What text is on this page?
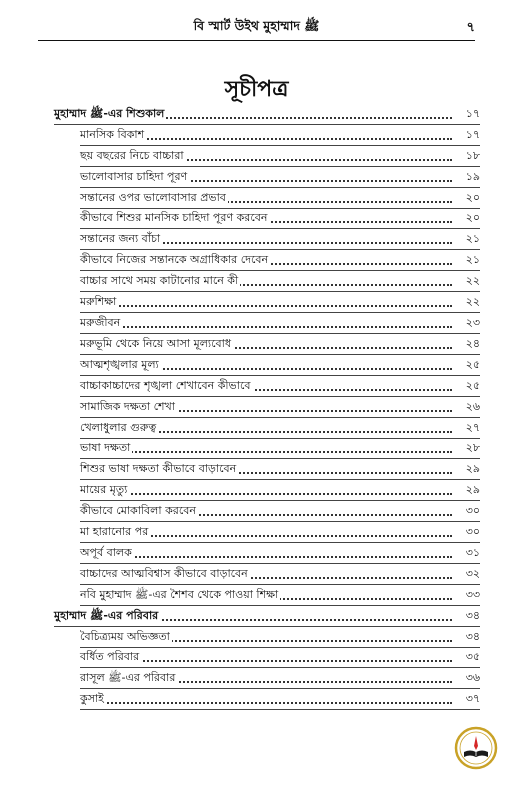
বি স্মার্ট উইথ মুহাম্মাদ ﷺ	৭
সূচীপত্র
মুহাম্মাদ ﷺ-এর শিশুকাল	১৭
মানসিক বিকাশ	১৭
ছয় বছরের নিচে বাচ্চারা	১৮
ভালোবাসার চাহিদা পূরণ	১৯
সন্তানের ওপর ভালোবাসার প্রভাব	২০
কীভাবে শিশুর মানসিক চাহিদা পূরণ করবেন	২০
সন্তানের জন্য বাঁচা	২১
কীভাবে নিজের সন্তানকে অগ্রাধিকার দেবেন	২১
বাচ্চার সাথে সময় কাটানোর মানে কী	২২
মরুশিক্ষা	২২
মরুজীবন	২৩
মরুভূমি থেকে নিয়ে আসা মূল্যবোধ	২৪
আত্মশৃঙ্খলার মূল্য	২৫
বাচ্চাকাচ্চাদের শৃঙ্খলা শেখাবেন কীভাবে	২৫
সামাজিক দক্ষতা শেখা	২৬
খেলাধুলার গুরুত্ব	২৭
ভাষা দক্ষতা	২৮
শিশুর ভাষা দক্ষতা কীভাবে বাড়াবেন	২৯
মায়ের মৃত্যু	২৯
কীভাবে মোকাবিলা করবেন	৩০
মা হারানোর পর	৩০
অপূর্ব বালক	৩১
বাচ্চাদের আত্মবিশ্বাস কীভাবে বাড়াবেন	৩২
নবি মুহাম্মাদ ﷺ-এর শৈশব থেকে পাওয়া শিক্ষা	৩৩
মুহাম্মাদ ﷺ-এর পরিবার	৩৪
বৈচিত্র্যময় অভিজ্ঞতা	৩৪
বর্ধিত পরিবার	৩৫
রাসূল ﷺ-এর পরিবার	৩৬
কুসাই	৩৭
